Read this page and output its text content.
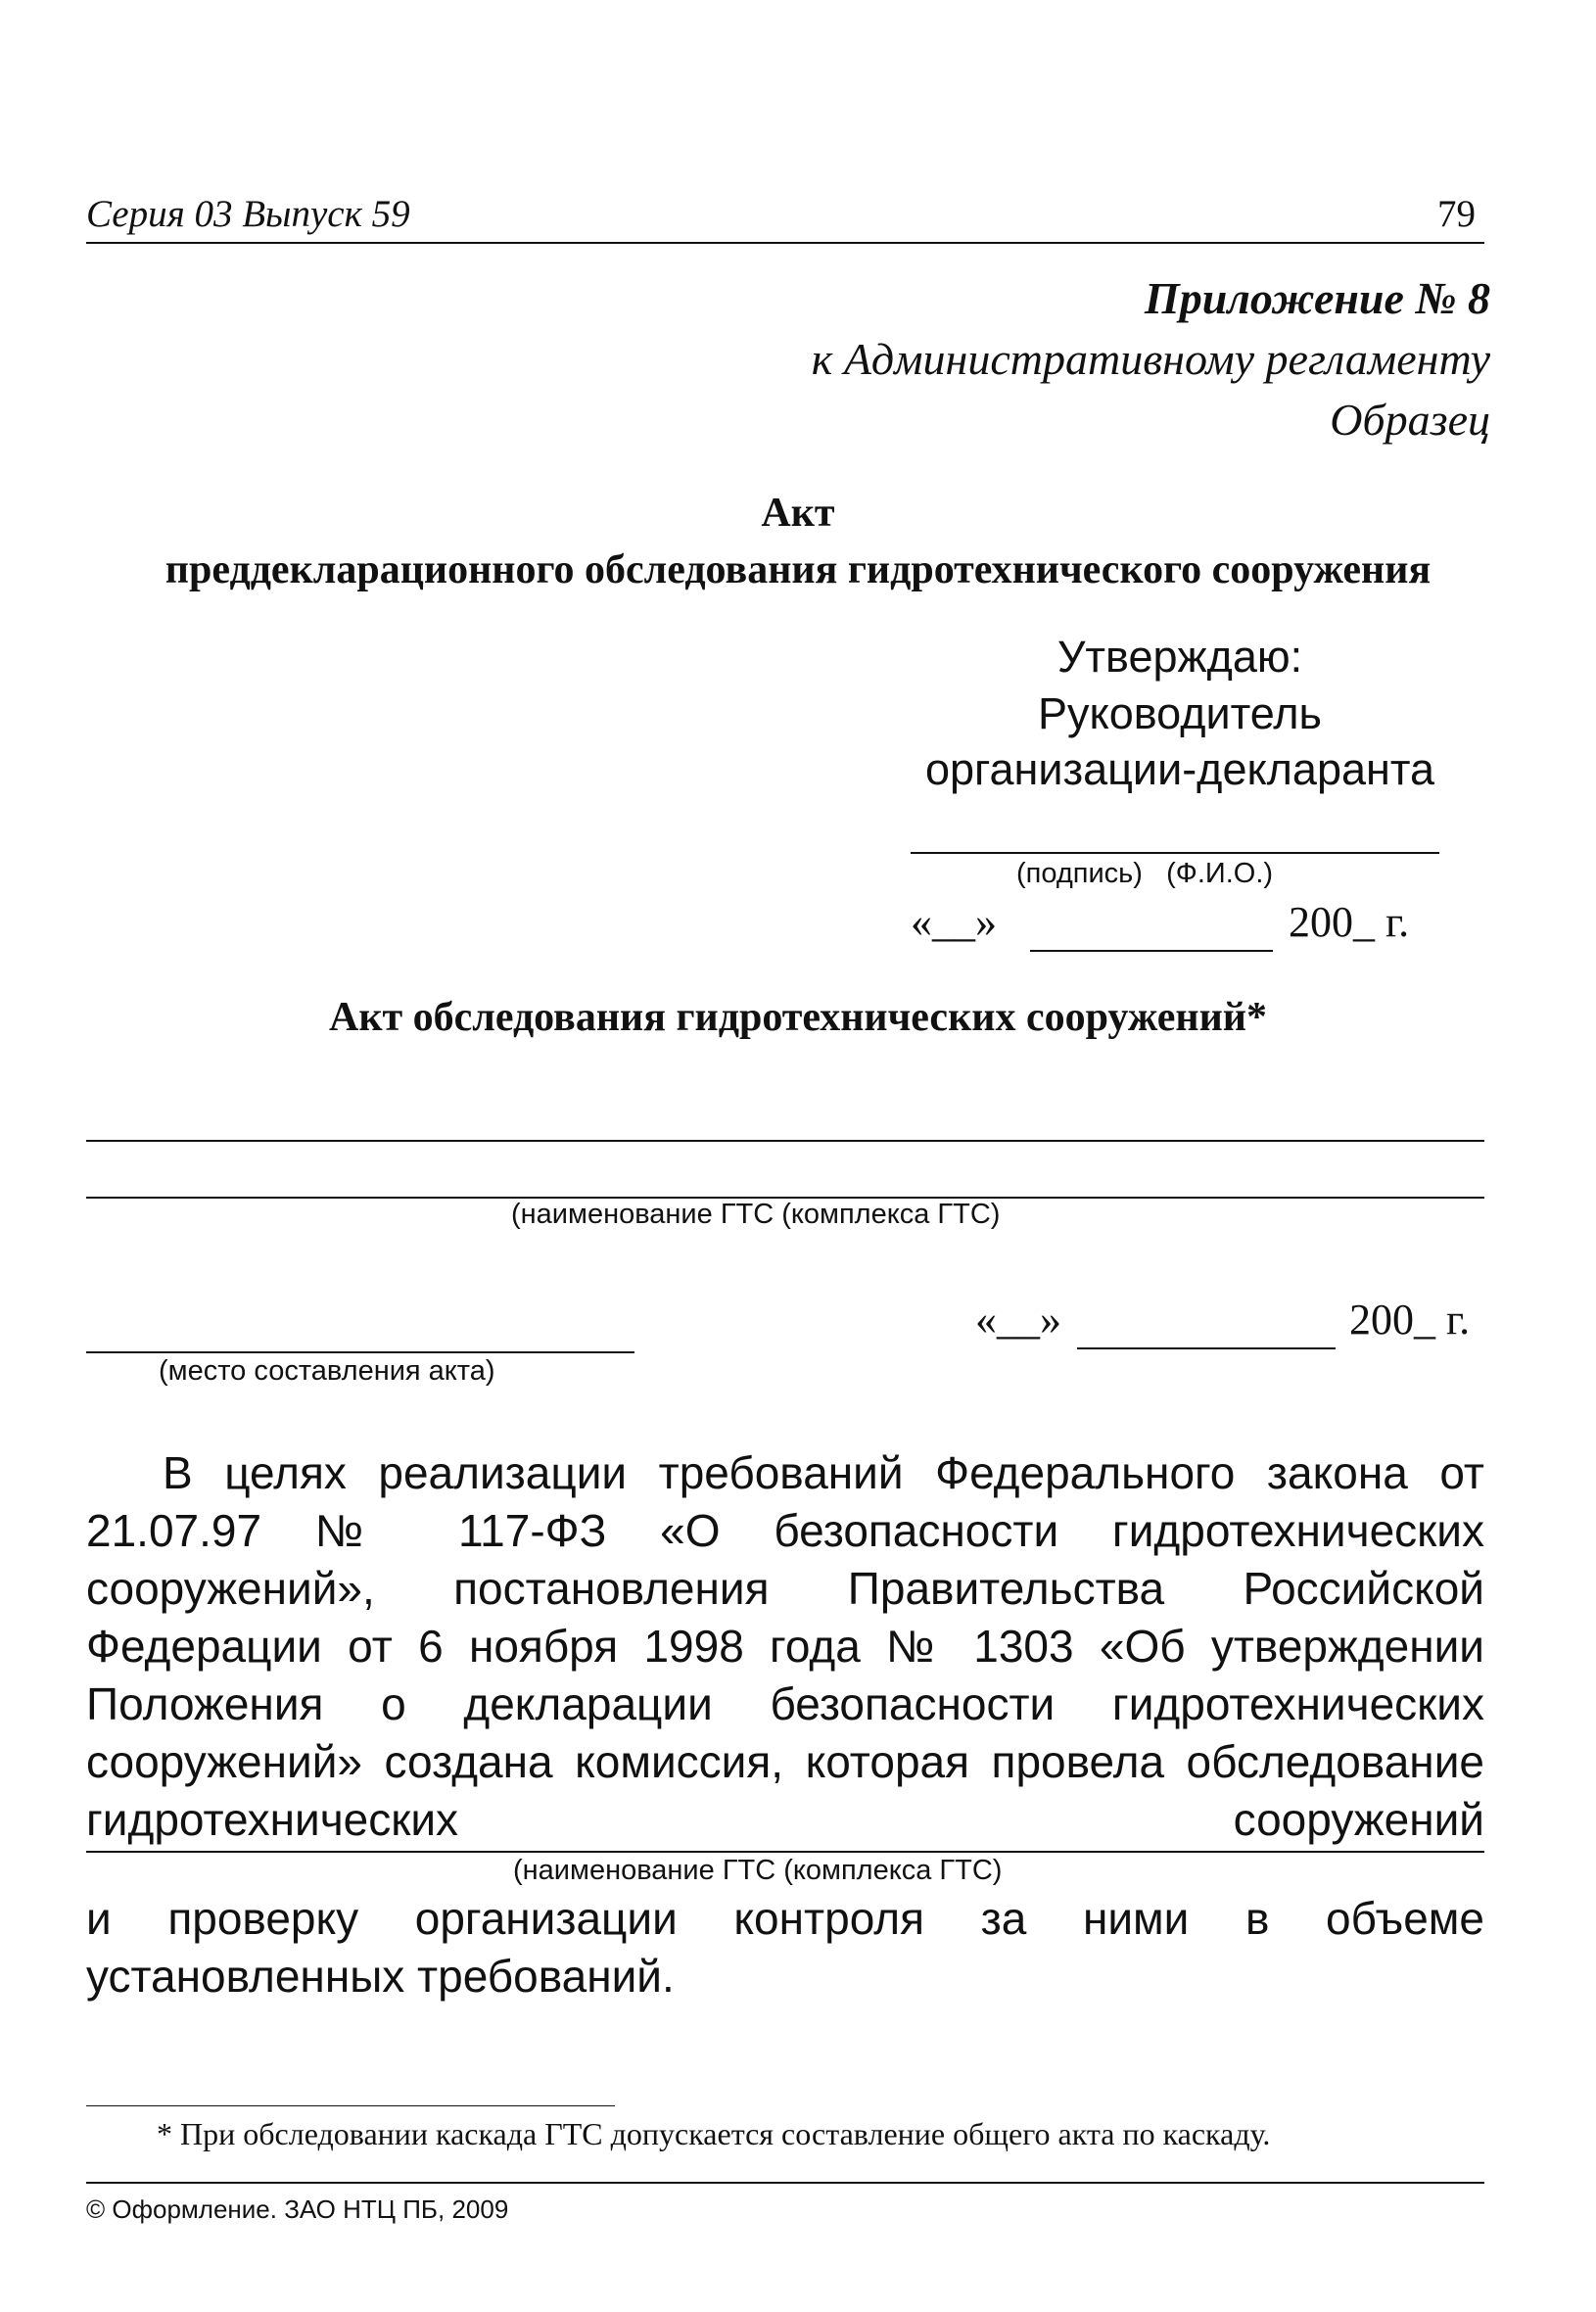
Серия 03 Выпуск 59	79
Приложение № 8
к Административному регламенту
Образец
Акт
преддекларационного обследования гидротехнического сооружения
Утверждаю:
Руководитель
организации-декларанта
(подпись)   (Ф.И.О.)
«__»	200_ г.
Акт обследования гидротехнических сооружений*
(наименование ГТС (комплекса ГТС)
(место составления акта)
«__»	200_ г.
В целях реализации требований Федерального закона от 21.07.97 № 117-ФЗ «О безопасности гидротехнических сооружений», постановления Правительства Российской Федерации от 6 ноября 1998 года № 1303 «Об утверждении Положения о декларации безопасности гидротехнических сооружений» создана комиссия, которая провела обследование гидротехнических сооружений
(наименование ГТС (комплекса ГТС)
и проверку организации контроля за ними в объеме установленных требований.
* При обследовании каскада ГТС допускается составление общего акта по каскаду.
© Оформление. ЗАО НТЦ ПБ, 2009
